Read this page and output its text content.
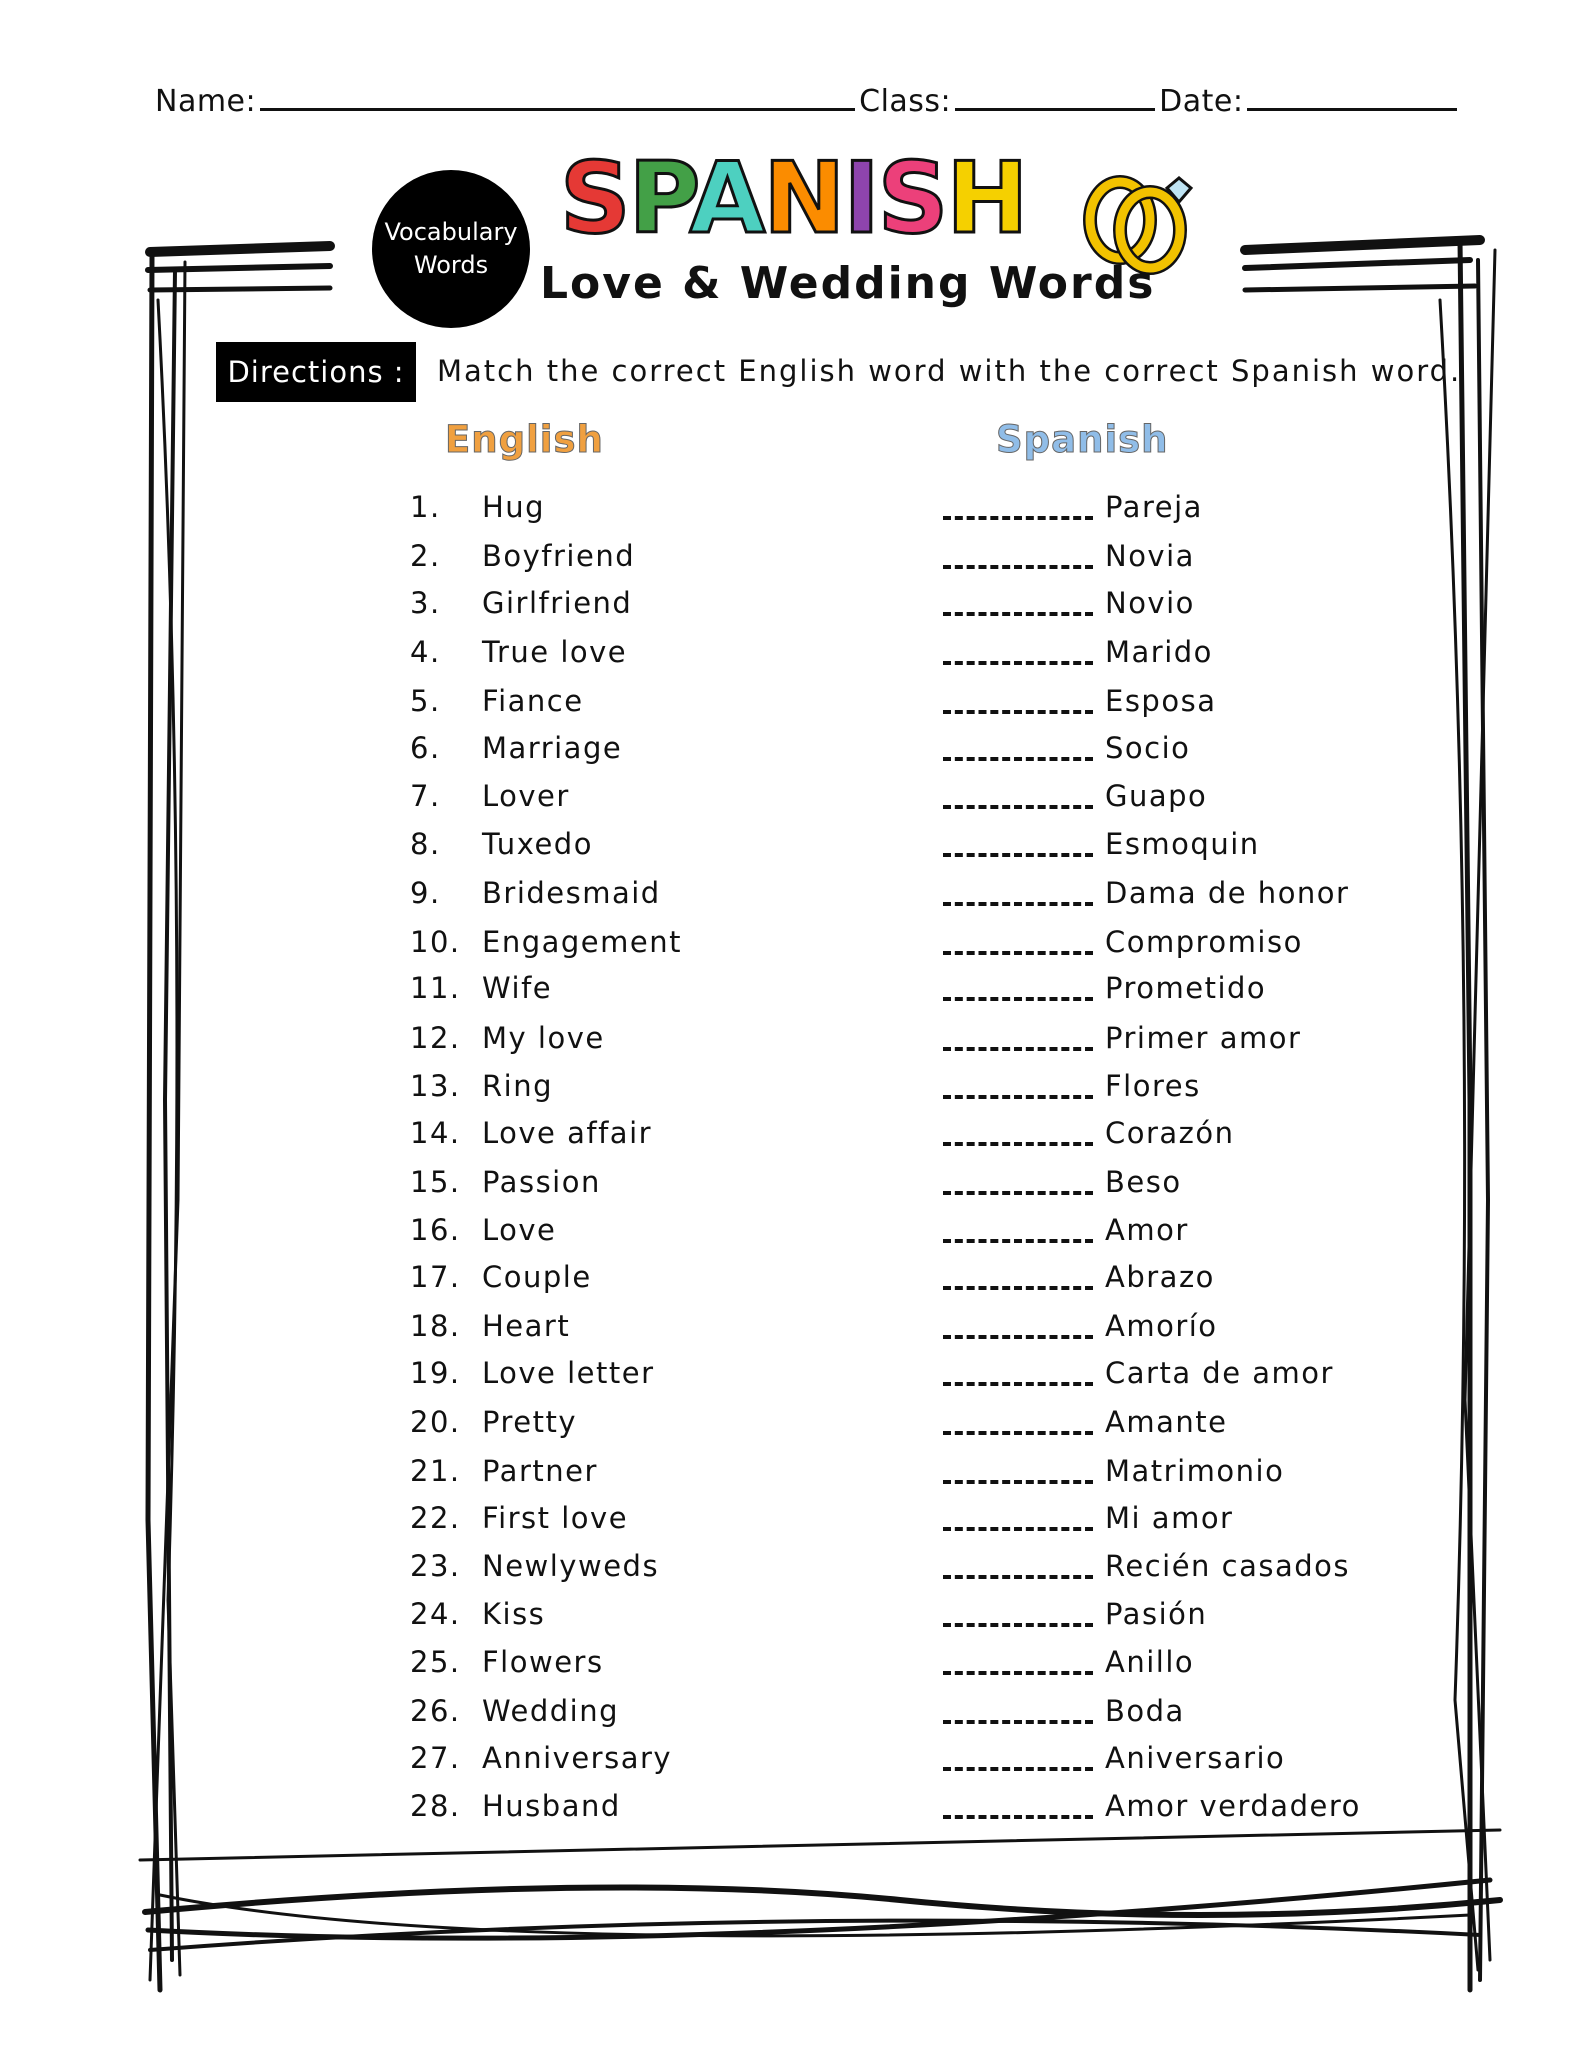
Name:	Class:	Date:
Vocabulary
Words
SPANISH
Love & Wedding Words
Directions :	Match the correct English word with the correct Spanish word.
English	Spanish
1. Hug	Pareja
2. Boyfriend	Novia
3. Girlfriend	Novio
4. True love	Marido
5. Fiance	Esposa
6. Marriage	Socio
7. Lover	Guapo
8. Tuxedo	Esmoquin
9. Bridesmaid	Dama de honor
10. Engagement	Compromiso
11. Wife	Prometido
12. My love	Primer amor
13. Ring	Flores
14. Love affair	Corazón
15. Passion	Beso
16. Love	Amor
17. Couple	Abrazo
18. Heart	Amorío
19. Love letter	Carta de amor
20. Pretty	Amante
21. Partner	Matrimonio
22. First love	Mi amor
23. Newlyweds	Recién casados
24. Kiss	Pasión
25. Flowers	Anillo
26. Wedding	Boda
27. Anniversary	Aniversario
28. Husband	Amor verdadero
